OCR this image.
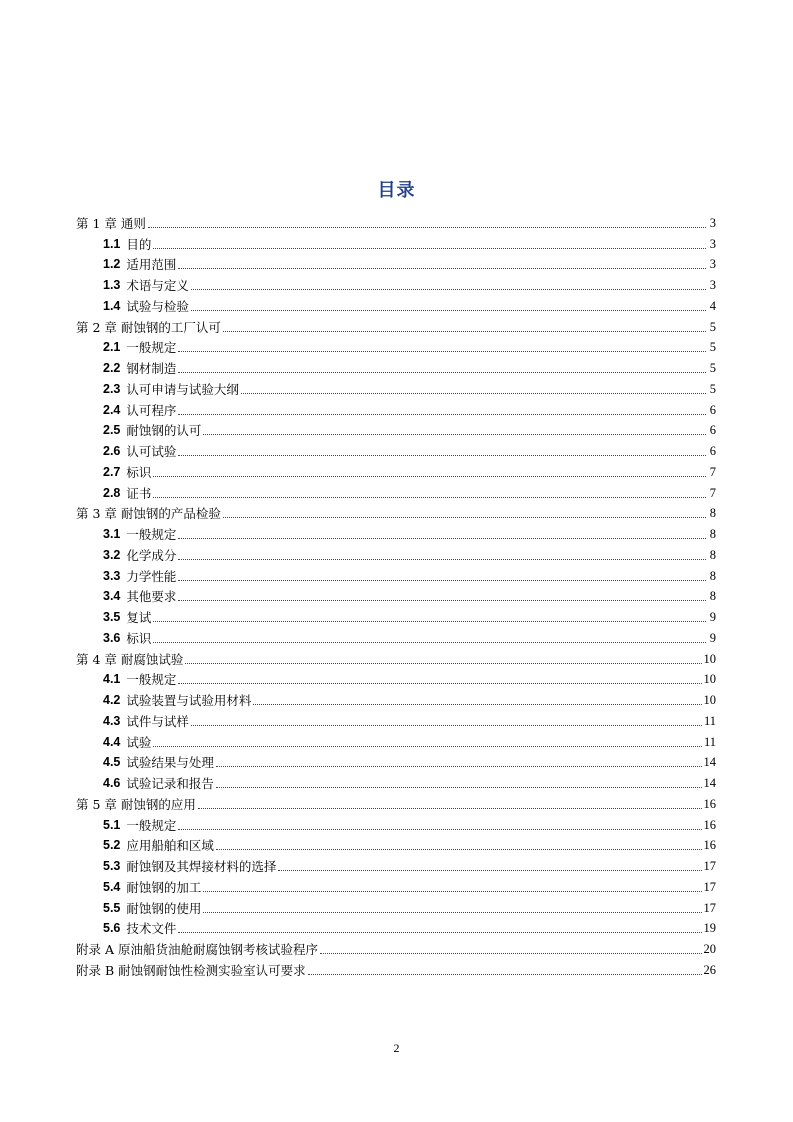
目录
第 1 章 通则	3
1.1 目的	3
1.2 适用范围	3
1.3 术语与定义	3
1.4 试验与检验	4
第 2 章 耐蚀钢的工厂认可	5
2.1 一般规定	5
2.2 钢材制造	5
2.3 认可申请与试验大纲	5
2.4 认可程序	6
2.5 耐蚀钢的认可	6
2.6 认可试验	6
2.7 标识	7
2.8 证书	7
第 3 章 耐蚀钢的产品检验	8
3.1 一般规定	8
3.2 化学成分	8
3.3 力学性能	8
3.4 其他要求	8
3.5 复试	9
3.6 标识	9
第 4 章 耐腐蚀试验	10
4.1 一般规定	10
4.2 试验装置与试验用材料	10
4.3 试件与试样	11
4.4 试验	11
4.5 试验结果与处理	14
4.6 试验记录和报告	14
第 5 章 耐蚀钢的应用	16
5.1 一般规定	16
5.2 应用船舶和区域	16
5.3 耐蚀钢及其焊接材料的选择	17
5.4 耐蚀钢的加工	17
5.5 耐蚀钢的使用	17
5.6 技术文件	19
附录 A 原油船货油舱耐腐蚀钢考核试验程序	20
附录 B 耐蚀钢耐蚀性检测实验室认可要求	26
2
